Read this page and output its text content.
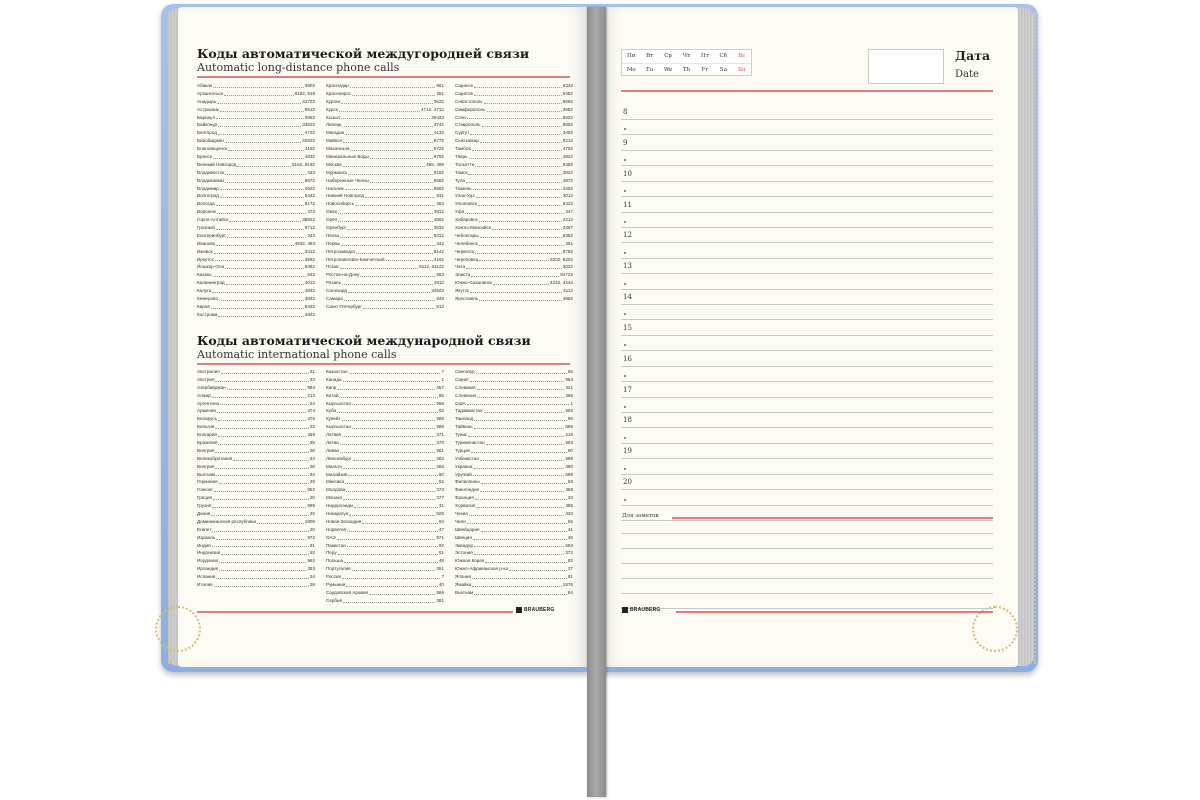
Коды автоматической междугородней связи
Automatic long-distance phone calls
Абакан	3902
Архангельск	8182, 818
Анадырь	42722
Астрахань	8512
Барнаул	3852
Байконур	33622
Белгород	4722
Биробиджан	42622
Благовещенск	4162
Брянск	4832
Великий Новгород	8162, 8162
Владивосток	423
Владикавказ	8672
Владимир	4922
Волгоград	8442
Вологда	8172
Воронеж	473
Горно-Алтайск	38822
Грозный	8712
Екатеринбург	343
Иваново	4932, 493
Ижевск	3412
Иркутск	3952
Йошкар-Ола	8362
Казань	843
Калининград	4012
Калуга	4842
Кемерово	3842
Киров	8332
Кострома	4942
Краснодар	861
Красноярск	391
Курган	3522
Курск	4712, 4712
Кызыл	39422
Липецк	4742
Магадан	4132
Майкоп	8772
Махачкала	8722
Минеральные Воды	8792
Москва	495, 499
Мурманск	8152
Набережные Челны	8552
Нальчик	8662
Нижний Новгород	831
Новосибирск	383
Омск	3812
Орёл	4862
Оренбург	3532
Пенза	8412
Пермь	342
Петрозаводск	8142
Петропавловск-Камчатский	4152
Псков	8112, 81122
Ростов-на-Дону	863
Рязань	4912
Салехард	34922
Самара	846
Санкт-Петербург	812
Саранск	8342
Саратов	8452
Севастополь	8692
Симферополь	3652
Сочи	8622
Ставрополь	8652
Сургут	3462
Сыктывкар	8212
Тамбов	4752
Тверь	4822
Тольятти	8482
Томск	3822
Тула	4872
Тюмень	3452
Улан-Удэ	3012
Ульяновск	8422
Уфа	347
Хабаровск	4212
Ханты-Мансийск	3467
Чебоксары	8352
Челябинск	351
Черкесск	8782
Череповец	8202, 8202
Чита	3022
Элиста	84722
Южно-Сахалинск	4242, 4242
Якутск	4112
Ярославль	4852
Коды автоматической международной связи
Automatic international phone calls
Австралия	61
Австрия	43
Азербайджан	994
Алжир	213
Аргентина	54
Армения	374
Беларусь	375
Бельгия	32
Болгария	359
Бразилия	55
Венгрия	36
Великобритания	44
Венгрия	36
Вьетнам	84
Германия	49
Гонконг	852
Греция	30
Грузия	995
Дания	45
Доминиканская республика	1809
Египет	20
Израиль	972
Индия	91
Индонезия	62
Иордания	962
Ирландия	353
Испания	34
Италия	39
Казахстан	7
Канада	1
Кипр	357
Китай	86
Кыргызстан	996
Куба	53
Кувейт	965
Кыргызстан	996
Латвия	371
Литва	370
Ливан	961
Люксембург	352
Мальта	356
Малайзия	60
Мексика	52
Молдова	373
Монако	377
Нидерланды	31
Никарагуа	505
Новая Зеландия	64
Норвегия	47
ОАЭ	971
Пакистан	92
Перу	51
Польша	48
Португалия	351
Россия	7
Румыния	40
Саудовская Аравия	966
Сербия	381
Сингапур	65
Сирия	963
Словакия	421
Словения	386
США	1
Таджикистан	992
Таиланд	66
Тайвань	886
Тунис	216
Туркменистан	993
Турция	90
Узбекистан	998
Украина	380
Уругвай	598
Филиппины	63
Финляндия	358
Франция	33
Хорватия	385
Чехия	420
Чили	56
Швейцария	41
Швеция	46
Эквадор	593
Эстония	372
Южная Корея	82
Южно-Африканская р-ка	27
Япония	81
Ямайка	1876
Вьетнам	84
BRAUBERG
Пн	Вт	Ср	Чт	Пт	Сб	Вс
Mo	Tu	We	Th	Fr	Sa	Su
Дата
Date
8
9
10
11
12
13
14
15
16
17
18
19
20
Для заметок
BRAUBERG
